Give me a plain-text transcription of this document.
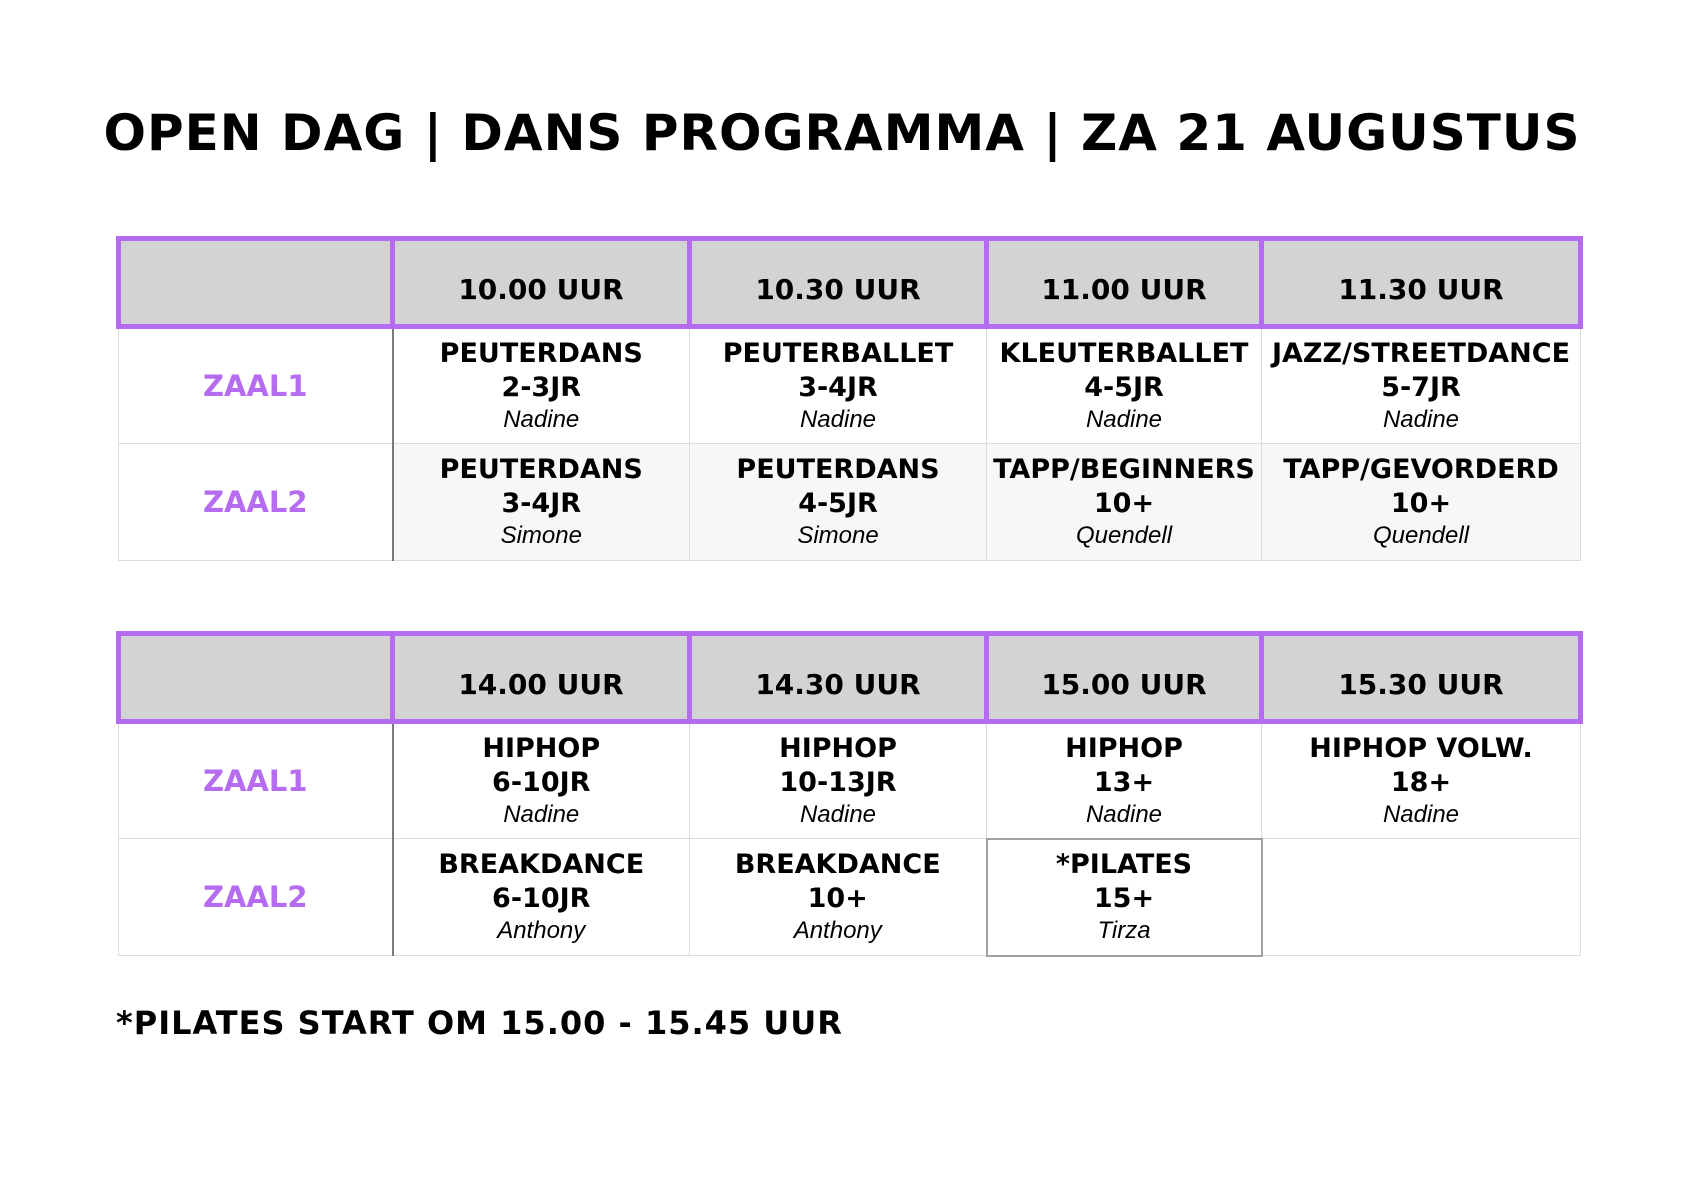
OPEN DAG | DANS PROGRAMMA | ZA 21 AUGUSTUS
	10.00 UUR	10.30 UUR	11.00 UUR	11.30 UUR
ZAAL1	PEUTERDANS
2-3JR
Nadine	PEUTERBALLET
3-4JR
Nadine	KLEUTERBALLET
4-5JR
Nadine	JAZZ/STREETDANCE
5-7JR
Nadine

ZAAL2	PEUTERDANS
3-4JR
Simone	PEUTERDANS
4-5JR
Simone	TAPP/BEGINNERS
10+
Quendell	TAPP/GEVORDERD
10+
Quendell
	14.00 UUR	14.30 UUR	15.00 UUR	15.30 UUR
ZAAL1	HIPHOP
6-10JR
Nadine	HIPHOP
10-13JR
Nadine	HIPHOP
13+
Nadine	HIPHOP VOLW.
18+
Nadine

ZAAL2	BREAKDANCE
6-10JR
Anthony	BREAKDANCE
10+
Anthony	*PILATES
15+
Tirza	

*PILATES START OM 15.00 - 15.45 UUR
